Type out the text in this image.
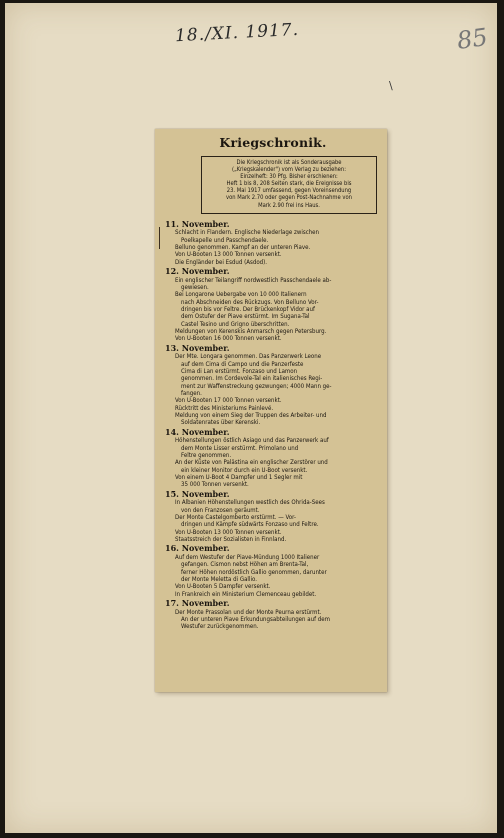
18./XI. 1917.	85
\
Kriegschronik.

Die Kriegschronik ist als Sonderausgabe

(„Kriegskalender") vom Verlag zu beziehen:

Einzelheft: 30 Pfg. Bisher erschienen:

Heft 1 bis 8, 208 Seiten stark, die Ereignisse bis

23. Mai 1917 umfassend, gegen Voreinsendung

von Mark 2.70 oder gegen Post-Nachnahme von

Mark 2.90 frei ins Haus.

11. November.

Schlacht in Flandern. Englische Niederlage zwischen

Poelkapelle und Passchendaele.

Belluno genommen. Kampf an der unteren Piave.

Von U-Booten 13 000 Tonnen versenkt.

Die Engländer bei Esdud (Asdod).

12. November.

Ein englischer Teilangriff nordwestlich Passchendaele ab-

gewiesen.

Bei Longarone Uebergabe von 10 000 Italienern

nach Abschneiden des Rückzugs. Von Belluno Vor-

dringen bis vor Feltre. Der Brückenkopf Vidor auf

dem Ostufer der Piave erstürmt. Im Sugana-Tal

Castel Tesino und Grigno überschritten.

Meldungen von Kerenskis Anmarsch gegen Petersburg.

Von U-Booten 16 000 Tonnen versenkt.

13. November.

Der Mte. Longara genommen. Das Panzerwerk Leone

auf dem Cima di Campo und die Panzerfeste

Cima di Lan erstürmt. Fonzaso und Lamon

genommen. Im Cordevole-Tal ein italienisches Regi-

ment zur Waffenstreckung gezwungen; 4000 Mann ge-

fangen.

Von U-Booten 17 000 Tonnen versenkt.

Rücktritt des Ministeriums Painlevé.

Meldung von einem Sieg der Truppen des Arbeiter- und

Soldatenrates über Kerenski.

14. November.

Höhenstellungen östlich Asiago und das Panzerwerk auf

dem Monte Lisser erstürmt. Primolano und

Feltre genommen.

An der Küste von Palästina ein englischer Zerstörer und

ein kleiner Monitor durch ein U-Boot versenkt.

Von einem U-Boot 4 Dampfer und 1 Segler mit

35 000 Tonnen versenkt.

15. November.

In Albanien Höhenstellungen westlich des Ohrida-Sees

von den Franzosen geräumt.

Der Monte Castelgomberto erstürmt. — Vor-

dringen und Kämpfe südwärts Fonzaso und Feltre.

Von U-Booten 13 000 Tonnen versenkt.

Staatsstreich der Sozialisten in Finnland.

16. November.

Auf dem Westufer der Piave-Mündung 1000 Italiener

gefangen. Cismon nebst Höhen am Brenta-Tal,

ferner Höhen nordöstlich Gallio genommen, darunter

der Monte Meletta di Gallio.

Von U-Booten 5 Dampfer versenkt.

In Frankreich ein Ministerium Clemenceau gebildet.

17. November.

Der Monte Prassolan und der Monte Peurna erstürmt.

An der unteren Piave Erkundungsabteilungen auf dem

Westufer zurückgenommen.
